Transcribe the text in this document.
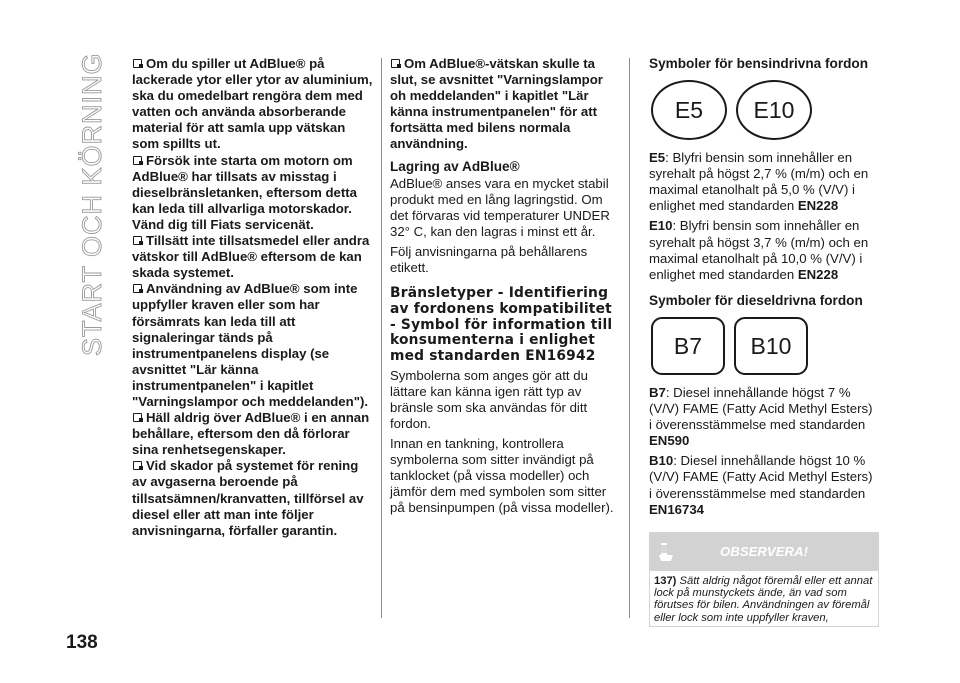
START OCH KÖRNING
138

Om du spiller ut AdBlue® på lackerade ytor eller ytor av aluminium, ska du omedelbart rengöra dem med vatten och använda absorberande material för att samla upp vätskan som spillts ut.

Försök inte starta om motorn om AdBlue® har tillsats av misstag i dieselbränsletanken, eftersom detta kan leda till allvarliga motorskador. Vänd dig till Fiats servicenät.

Tillsätt inte tillsatsmedel eller andra vätskor till AdBlue® eftersom de kan skada systemet.

Användning av AdBlue® som inte uppfyller kraven eller som har försämrats kan leda till att signaleringar tänds på instrumentpanelens display (se avsnittet "Lär känna instrumentpanelen" i kapitlet "Varningslampor och meddelanden").

Häll aldrig över AdBlue® i en annan behållare, eftersom den då förlorar sina renhetsegenskaper.

Vid skador på systemet för rening av avgaserna beroende på tillsatsämnen/kranvatten, tillförsel av diesel eller att man inte följer anvisningarna, förfaller garantin.

Om AdBlue®-vätskan skulle ta slut, se avsnittet "Varningslampor oh meddelanden" i kapitlet "Lär känna instrumentpanelen" för att fortsätta med bilens normala användning.

Lagring av AdBlue®

AdBlue® anses vara en mycket stabil produkt med en lång lagringstid. Om det förvaras vid temperaturer UNDER 32° C, kan den lagras i minst ett år.

Följ anvisningarna på behållarens etikett.

Bränsletyper - Identifiering av fordonens kompatibilitet - Symbol för information till konsumenterna i enlighet med standarden EN16942

Symbolerna som anges gör att du lättare kan känna igen rätt typ av bränsle som ska användas för ditt fordon.

Innan en tankning, kontrollera symbolerna som sitter invändigt på tanklocket (på vissa modeller) och jämför dem med symbolen som sitter på bensinpumpen (på vissa modeller).

Symboler för bensindrivna fordon
E5	E10

E5: Blyfri bensin som innehåller en syrehalt på högst 2,7 % (m/m) och en maximal etanolhalt på 5,0 % (V/V) i enlighet med standarden EN228

E10: Blyfri bensin som innehåller en syrehalt på högst 3,7 % (m/m) och en maximal etanolhalt på 10,0 % (V/V) i enlighet med standarden EN228

Symboler för dieseldrivna fordon
B7	B10

B7: Diesel innehållande högst 7 % (V/V) FAME (Fatty Acid Methyl Esters) i överensstämmelse med standarden EN590

B10: Diesel innehållande högst 10 % (V/V) FAME (Fatty Acid Methyl Esters) i överensstämmelse med standarden EN16734

OBSERVERA!
137) Sätt aldrig något föremål eller ett annat lock på munstyckets ände, än vad som förutses för bilen. Användningen av föremål eller lock som inte uppfyller kraven,
